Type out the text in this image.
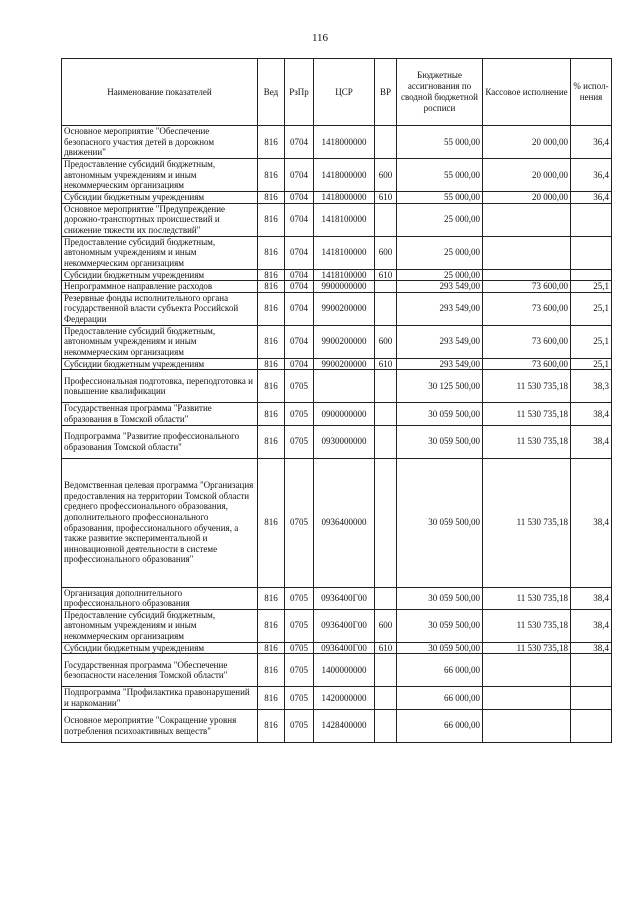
116
Наименование показателей	Вед	РзПр	ЦСР	ВР	Бюджетные ассигнования по сводной бюджетной росписи	Кассовое исполнение	% испол-нения
Основное мероприятие "Обеспечение безопасного участия детей в дорожном движении"	816	0704	1418000000		55 000,00	20 000,00	36,4
Предоставление субсидий бюджетным, автономным учреждениям и иным некоммерческим организациям	816	0704	1418000000	600	55 000,00	20 000,00	36,4
Субсидии бюджетным учреждениям	816	0704	1418000000	610	55 000,00	20 000,00	36,4
Основное мероприятие "Предупреждение дорожно-транспортных происшествий и снижение тяжести их последствий"	816	0704	1418100000		25 000,00		
Предоставление субсидий бюджетным, автономным учреждениям и иным некоммерческим организациям	816	0704	1418100000	600	25 000,00		
Субсидии бюджетным учреждениям	816	0704	1418100000	610	25 000,00		
Непрограммное направление расходов	816	0704	9900000000		293 549,00	73 600,00	25,1
Резервные фонды исполнительного органа государственной власти субъекта Российской Федерации	816	0704	9900200000		293 549,00	73 600,00	25,1
Предоставление субсидий бюджетным, автономным учреждениям и иным некоммерческим организациям	816	0704	9900200000	600	293 549,00	73 600,00	25,1
Субсидии бюджетным учреждениям	816	0704	9900200000	610	293 549,00	73 600,00	25,1
Профессиональная подготовка, переподготовка и повышение квалификации	816	0705			30 125 500,00	11 530 735,18	38,3
Государственная программа "Развитие образования в Томской области"	816	0705	0900000000		30 059 500,00	11 530 735,18	38,4
Подпрограмма "Развитие профессионального образования Томской области"	816	0705	0930000000		30 059 500,00	11 530 735,18	38,4
Ведомственная целевая программа "Организация предоставления на территории Томской области среднего профессионального образования, дополнительного профессионального образования, профессионального обучения, а также развитие экспериментальной и инновационной деятельности в системе профессионального образования"	816	0705	0936400000		30 059 500,00	11 530 735,18	38,4
Организация дополнительного профессионального образования	816	0705	0936400Г00		30 059 500,00	11 530 735,18	38,4
Предоставление субсидий бюджетным, автономным учреждениям и иным некоммерческим организациям	816	0705	0936400Г00	600	30 059 500,00	11 530 735,18	38,4
Субсидии бюджетным учреждениям	816	0705	0936400Г00	610	30 059 500,00	11 530 735,18	38,4
Государственная программа "Обеспечение безопасности населения Томской области"	816	0705	1400000000		66 000,00		
Подпрограмма "Профилактика правонарушений и наркомании"	816	0705	1420000000		66 000,00		
Основное мероприятие "Сокращение уровня потребления психоактивных веществ"	816	0705	1428400000		66 000,00		
